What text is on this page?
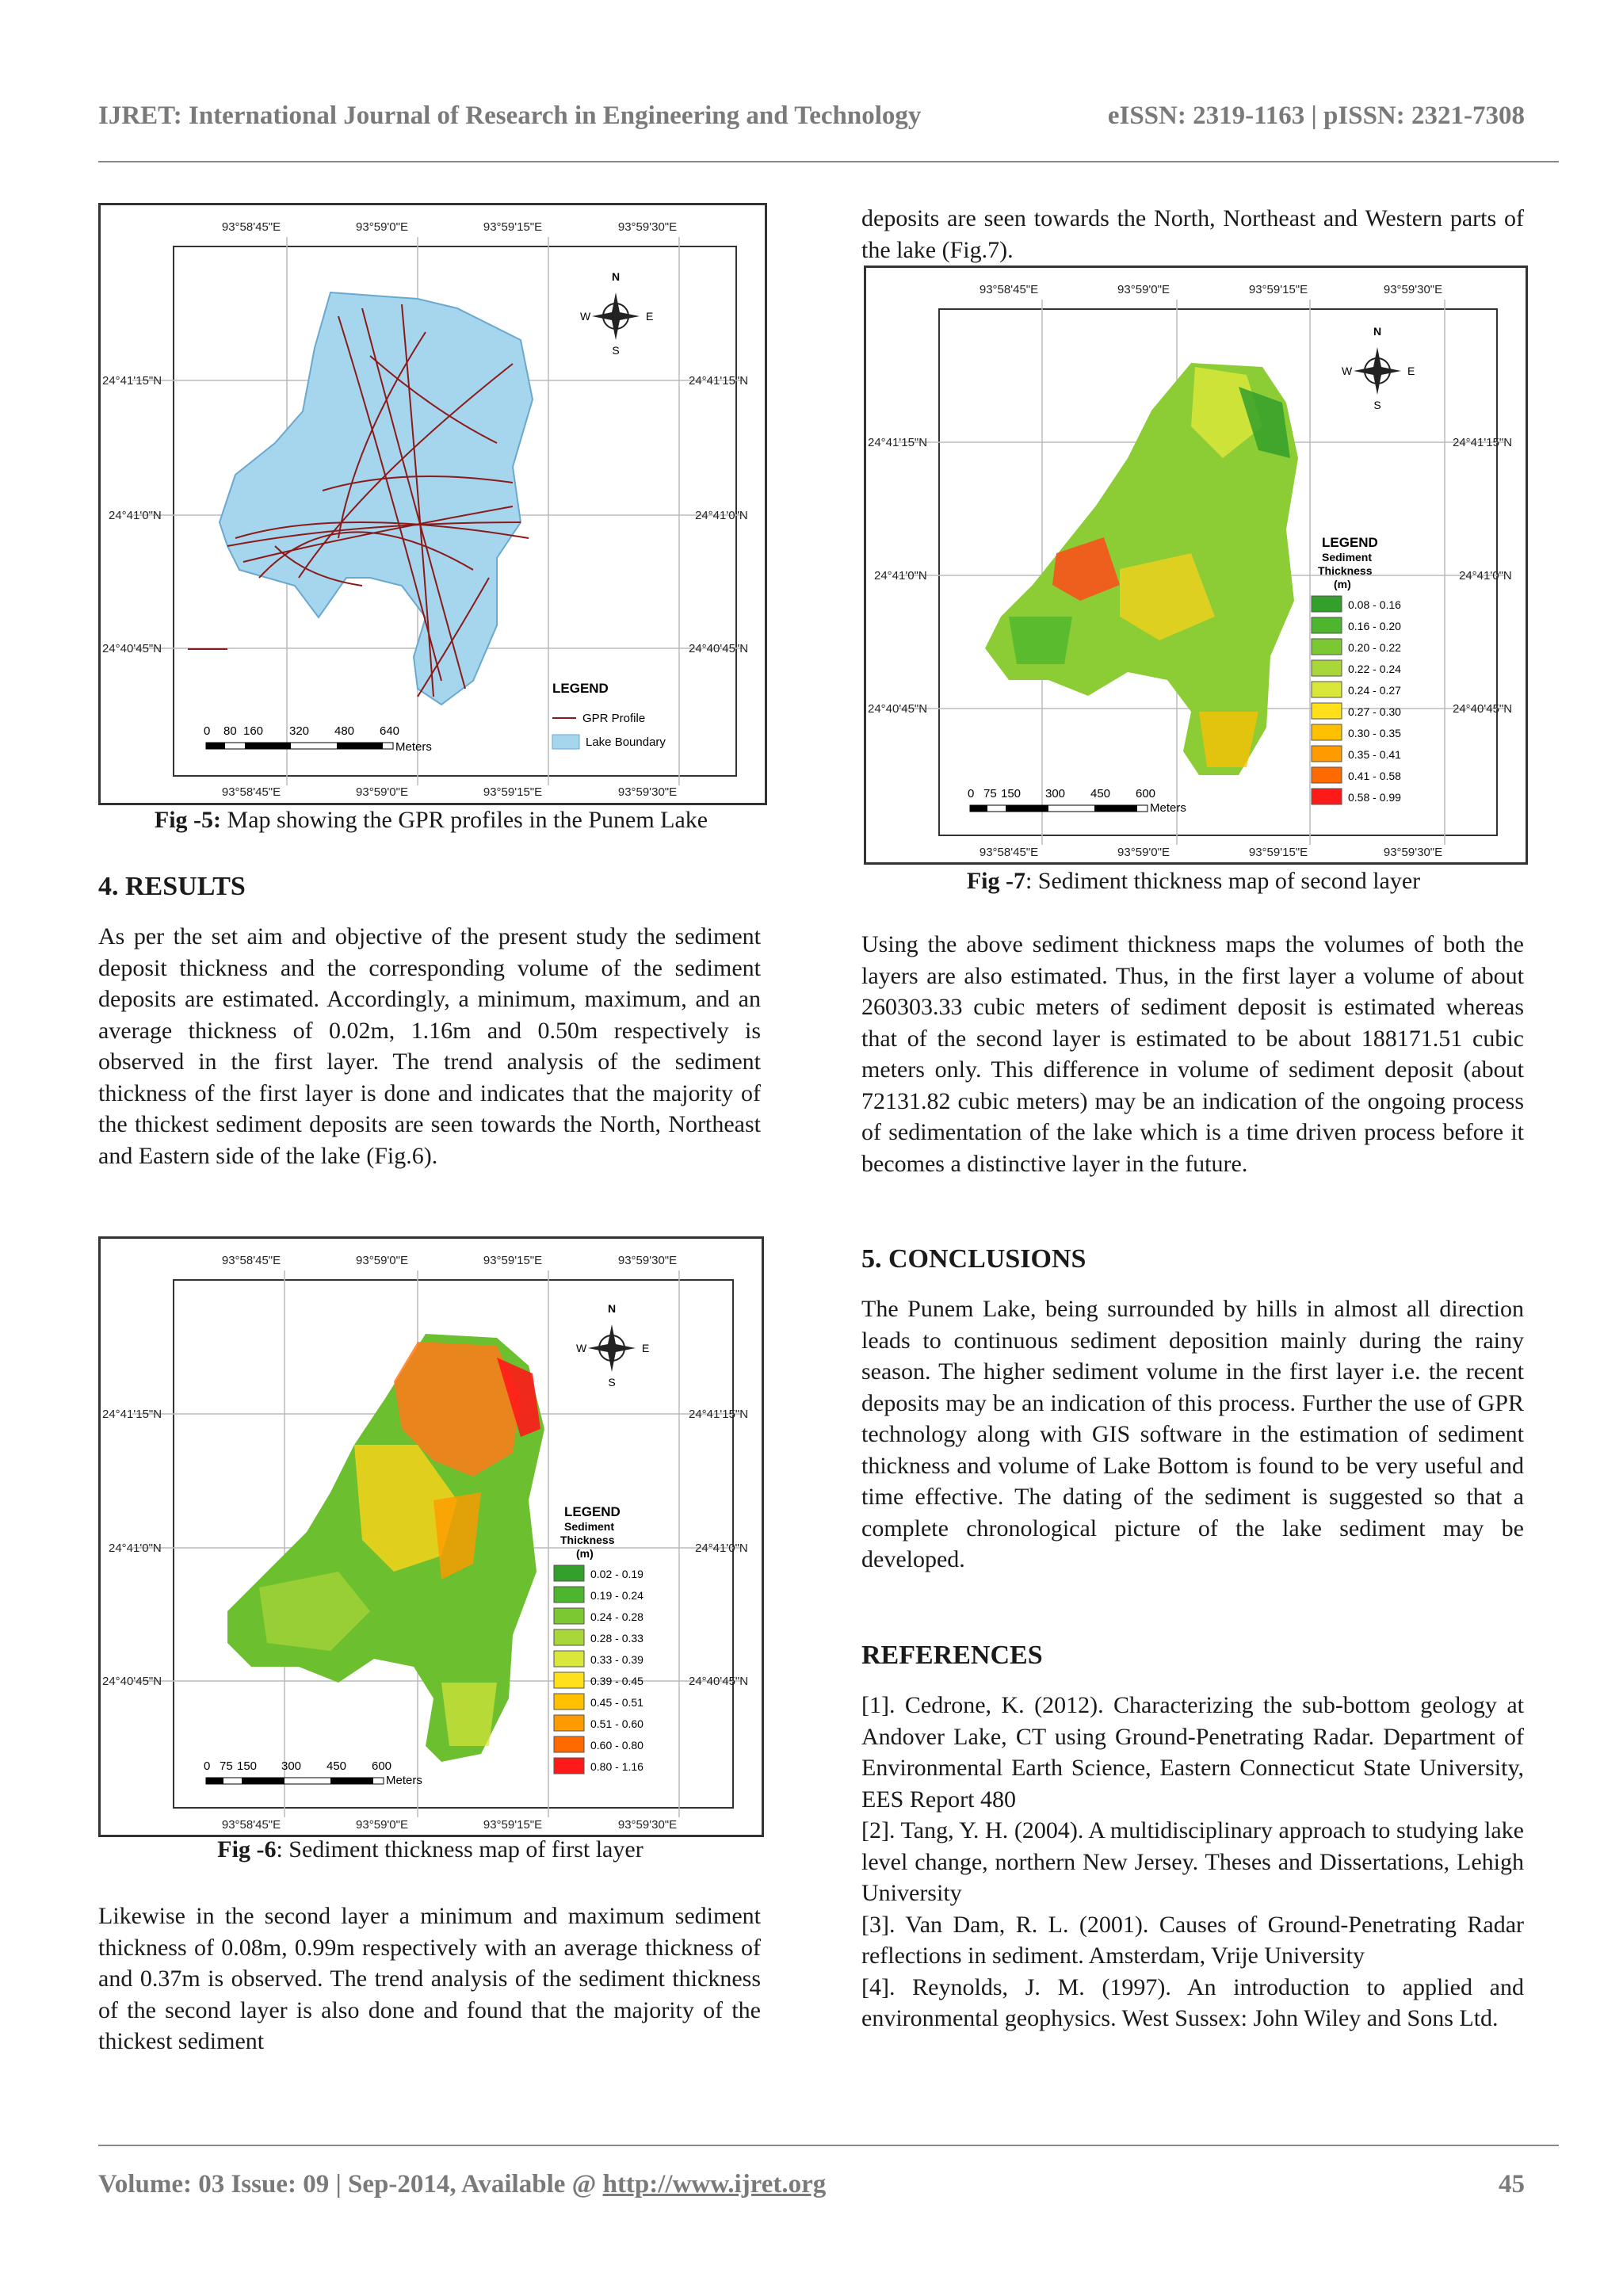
IJRET: International Journal of Research in Engineering and Technology	eISSN: 2319-1163 | pISSN: 2321-7308
93°58'45"E	93°59'0"E	93°59'15"E	93°59'30"E
93°58'45"E	93°59'0"E	93°59'15"E	93°59'30"E
24°41'15"N
24°41'0"N
24°40'45"N
24°41'15"N
24°41'0"N
24°40'45"N
N
S
E
W
LEGEND
GPR Profile
Lake Boundary
0 80 160 320 480 640
Meters
Fig -5: Map showing the GPR profiles in the Punem Lake
4. RESULTS

As per the set aim and objective of the present study the sediment deposit thickness and the corresponding volume of the sediment deposits are estimated. Accordingly, a minimum, maximum, and an average thickness of 0.02m, 1.16m and 0.50m respectively is observed in the first layer. The trend analysis of the sediment thickness of the first layer is done and indicates that the majority of the thickest sediment deposits are seen towards the North, Northeast and Eastern side of the lake (Fig.6).

93°58'45"E	93°59'0"E	93°59'15"E	93°59'30"E
93°58'45"E	93°59'0"E	93°59'15"E	93°59'30"E
24°41'15"N
24°41'0"N
24°40'45"N
24°41'15"N
24°41'0"N
24°40'45"N
N
S
E
W
LEGEND
Sediment
Thickness
(m)
0.02 - 0.19
0.19 - 0.24
0.24 - 0.28
0.28 - 0.33
0.33 - 0.39
0.39 - 0.45
0.45 - 0.51
0.51 - 0.60
0.60 - 0.80
0.80 - 1.16
0 75 150 300 450 600
Meters
Fig -6: Sediment thickness map of first layer

Likewise in the second layer a minimum and maximum sediment thickness of 0.08m, 0.99m respectively with an average thickness of and 0.37m is observed. The trend analysis of the sediment thickness of the second layer is also done and found that the majority of the thickest sediment

deposits are seen towards the North, Northeast and Western parts of the lake (Fig.7).

93°58'45"E	93°59'0"E	93°59'15"E	93°59'30"E
93°58'45"E	93°59'0"E	93°59'15"E	93°59'30"E
24°41'15"N
24°41'0"N
24°40'45"N
24°41'15"N
24°41'0"N
24°40'45"N
N
S
E
W
LEGEND
Sediment
Thickness
(m)
0.08 - 0.16
0.16 - 0.20
0.20 - 0.22
0.22 - 0.24
0.24 - 0.27
0.27 - 0.30
0.30 - 0.35
0.35 - 0.41
0.41 - 0.58
0.58 - 0.99
0 75 150 300 450 600
Meters
Fig -7: Sediment thickness map of second layer

Using the above sediment thickness maps the volumes of both the layers are also estimated. Thus, in the first layer a volume of about 260303.33 cubic meters of sediment deposit is estimated whereas that of the second layer is estimated to be about 188171.51 cubic meters only. This difference in volume of sediment deposit (about 72131.82 cubic meters) may be an indication of the ongoing process of sedimentation of the lake which is a time driven process before it becomes a distinctive layer in the future.

5. CONCLUSIONS

The Punem Lake, being surrounded by hills in almost all direction leads to continuous sediment deposition mainly during the rainy season. The higher sediment volume in the first layer i.e. the recent deposits may be an indication of this process. Further the use of GPR technology along with GIS software in the estimation of sediment thickness and volume of Lake Bottom is found to be very useful and time effective. The dating of the sediment is suggested so that a complete chronological picture of the lake sediment may be developed.

REFERENCES

[1]. Cedrone, K. (2012). Characterizing the sub-bottom geology at Andover Lake, CT using Ground-Penetrating Radar. Department of Environmental Earth Science, Eastern Connecticut State University, EES Report 480

[2]. Tang, Y. H. (2004). A multidisciplinary approach to studying lake level change, northern New Jersey. Theses and Dissertations, Lehigh University

[3]. Van Dam, R. L. (2001). Causes of Ground-Penetrating Radar reflections in sediment. Amsterdam, Vrije University

[4]. Reynolds, J. M. (1997). An introduction to applied and environmental geophysics. West Sussex: John Wiley and Sons Ltd.

Volume: 03 Issue: 09 | Sep-2014, Available @ http://www.ijret.org	45
